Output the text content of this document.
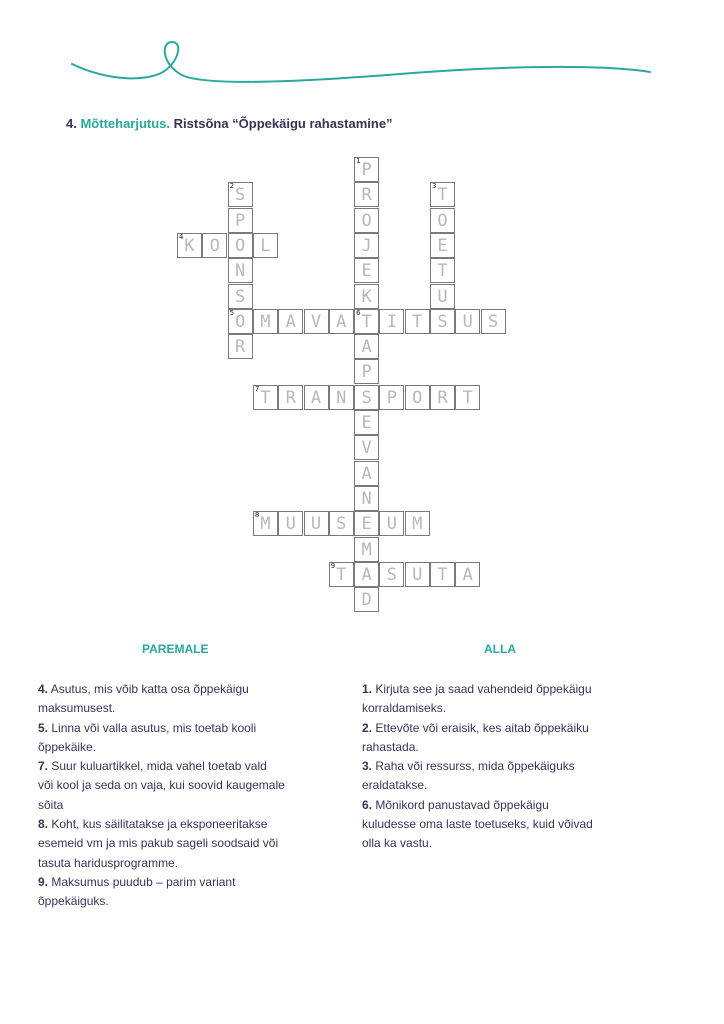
4. Mõtteharjutus. Ristsõna “Õppekäigu rahastamine”

1 P
R
O
J
E
K
6 T
2 S
P
O
N
S
5 O
R
3 T
O
E
T
U
S
4 K O	L
M A V A	I T	U S
A
P
S
E
V
A
N
E
M
A
D
7 T R A N	P O R T
8 M U U S	U M
9 T	S U T A
PAREMALE	ALLA

4. Asutus, mis võib katta osa õppekäigu
maksumusest.

5. Linna või valla asutus, mis toetab kooli
õppekäike.

7. Suur kuluartikkel, mida vahel toetab vald
või kool ja seda on vaja, kui soovid kaugemale
sõita

8. Koht, kus säilitatakse ja eksponeeritakse
esemeid vm ja mis pakub sageli soodsaid või
tasuta haridusprogramme.

9. Maksumus puudub – parim variant
õppekäiguks.

1. Kirjuta see ja saad vahendeid õppekäigu
korraldamiseks.

2. Ettevõte või eraisik, kes aitab õppekäiku
rahastada.

3. Raha või ressurss, mida õppekäiguks
eraldatakse.

6. Mõnikord panustavad õppekäigu
kuludesse oma laste toetuseks, kuid võivad
olla ka vastu.
